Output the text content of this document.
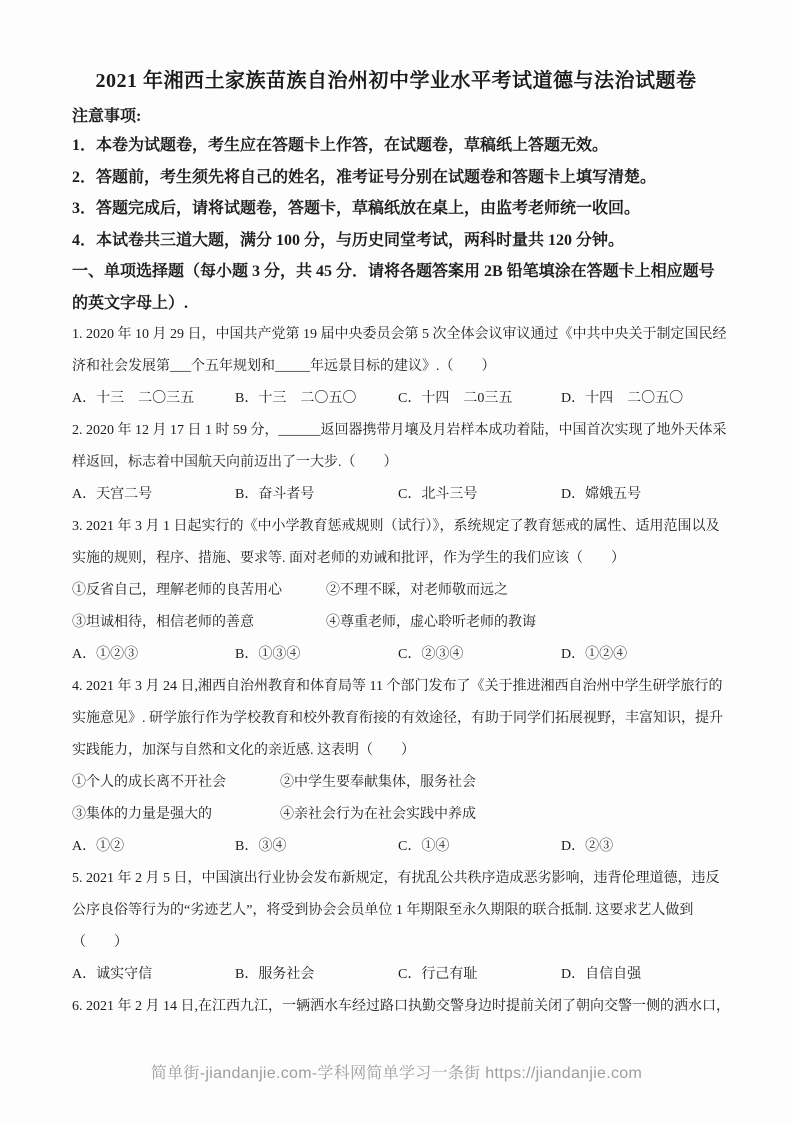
2021 年湘西土家族苗族自治州初中学业水平考试道德与法治试题卷
注意事项:
1．本卷为试题卷，考生应在答题卡上作答，在试题卷，草稿纸上答题无效。
2．答题前，考生须先将自己的姓名，准考证号分别在试题卷和答题卡上填写清楚。
3．答题完成后，请将试题卷，答题卡，草稿纸放在桌上，由监考老师统一收回。
4．本试卷共三道大题，满分 100 分，与历史同堂考试，两科时量共 120 分钟。
一、单项选择题（每小题 3 分，共 45 分．请将各题答案用 2B 铅笔填涂在答题卡上相应题号
的英文字母上）.
1. 2020 年 10 月 29 日，中国共产党第 19 届中央委员会第 5 次全体会议审议通过《中共中央关于制定国民经
济和社会发展第___个五年规划和_____年远景目标的建议》.（　　）
A．十三　二〇三五	B．十三　二〇五〇	C．十四　二0三五	D．十四　二〇五〇
2. 2020 年 12 月 17 日 1 时 59 分，______返回器携带月壤及月岩样本成功着陆，中国首次实现了地外天体采
样返回，标志着中国航天向前迈出了一大步.（　　）
A．天宫二号	B．奋斗者号	C．北斗三号	D．嫦娥五号
3. 2021 年 3 月 1 日起实行的《中小学教育惩戒规则（试行）》，系统规定了教育惩戒的属性、适用范围以及
实施的规则，程序、措施、要求等. 面对老师的劝诫和批评，作为学生的我们应该（　　）
①反省自己，理解老师的良苦用心	②不理不睬，对老师敬而远之
③坦诚相待，相信老师的善意	④尊重老师，虚心聆听老师的教诲
A．①②③	B．①③④	C．②③④	D．①②④
4. 2021 年 3 月 24 日,湘西自治州教育和体育局等 11 个部门发布了《关于推进湘西自治州中学生研学旅行的
实施意见》. 研学旅行作为学校教育和校外教育衔接的有效途径，有助于同学们拓展视野，丰富知识，提升
实践能力，加深与自然和文化的亲近感. 这表明（　　）
①个人的成长离不开社会	②中学生要奉献集体，服务社会
③集体的力量是强大的	④亲社会行为在社会实践中养成
A．①②	B．③④	C．①④	D．②③
5. 2021 年 2 月 5 日，中国演出行业协会发布新规定，有扰乱公共秩序造成恶劣影响，违背伦理道德，违反
公序良俗等行为的“劣迹艺人”，将受到协会会员单位 1 年期限至永久期限的联合抵制. 这要求艺人做到
（　　）
A．诚实守信	B．服务社会	C．行己有耻	D．自信自强
6. 2021 年 2 月 14 日,在江西九江，一辆洒水车经过路口执勤交警身边时提前关闭了朝向交警一侧的洒水口，
简单街-jiandanjie.com-学科网简单学习一条街 https://jiandanjie.com
